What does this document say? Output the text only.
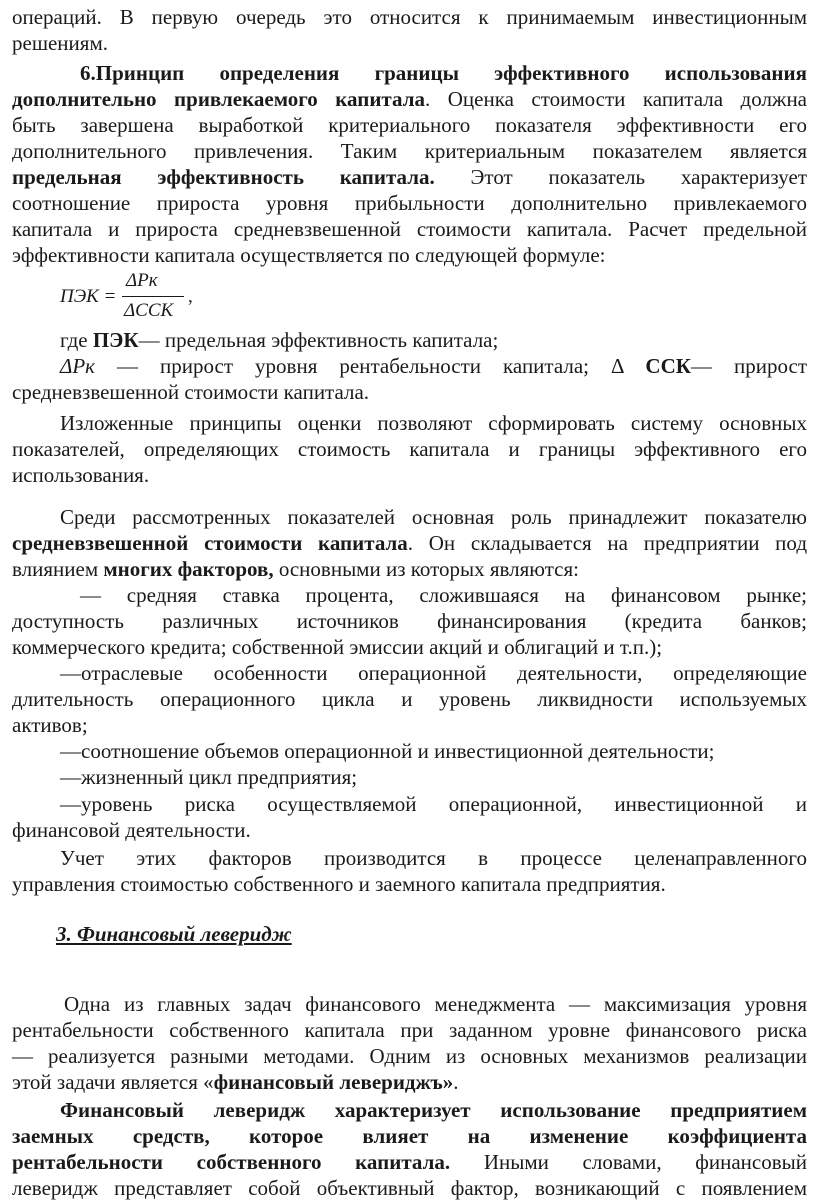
операций. В первую очередь это относится к принимаемым инвестиционным
решениям.
6.Принцип определения границы эффективного использования
дополнительно привлекаемого капитала. Оценка стоимости капитала должна
быть завершена выработкой критериального показателя эффективности его
дополнительного привлечения. Таким критериальным показателем является
предельная эффективность капитала. Этот показатель характеризует
соотношение прироста уровня прибыльности дополнительно привлекаемого
капитала и прироста средневзвешенной стоимости капитала. Расчет предельной
эффективности капитала осуществляется по следующей формуле:
ПЭК =
ΔРк
ΔССК
,
где ПЭК— предельная эффективность капитала;
ΔРк — прирост уровня рентабельности капитала; Δ ССК— прирост
средневзвешенной стоимости капитала.
Изложенные принципы оценки позволяют сформировать систему основных
показателей, определяющих стоимость капитала и границы эффективного его
использования.
Среди рассмотренных показателей основная роль принадлежит показателю
средневзвешенной стоимости капитала. Он складывается на предприятии под
влиянием многих факторов, основными из которых являются:
— средняя ставка процента, сложившаяся на финансовом рынке;
доступность различных источников финансирования (кредита банков;
коммерческого кредита; собственной эмиссии акций и облигаций и т.п.);
—отраслевые особенности операционной деятельности, определяющие
длительность операционного цикла и уровень ликвидности используемых
активов;
—соотношение объемов операционной и инвестиционной деятельности;
—жизненный цикл предприятия;
—уровень риска осуществляемой операционной, инвестиционной и
финансовой деятельности.
Учет этих факторов производится в процессе целенаправленного
управления стоимостью собственного и заемного капитала предприятия.
3. Финансовый леверидж
Одна из главных задач финансового менеджмента — максимизация уровня
рентабельности собственного капитала при заданном уровне финансового риска
— реализуется разными методами. Одним из основных механизмов реализации
этой задачи является «финансовый левериджъ».
Финансовый леверидж характеризует использование предприятием
заемных средств, которое влияет на изменение коэффициента
рентабельности собственного капитала. Иными словами, финансовый
леверидж представляет собой объективный фактор, возникающий с появлением
